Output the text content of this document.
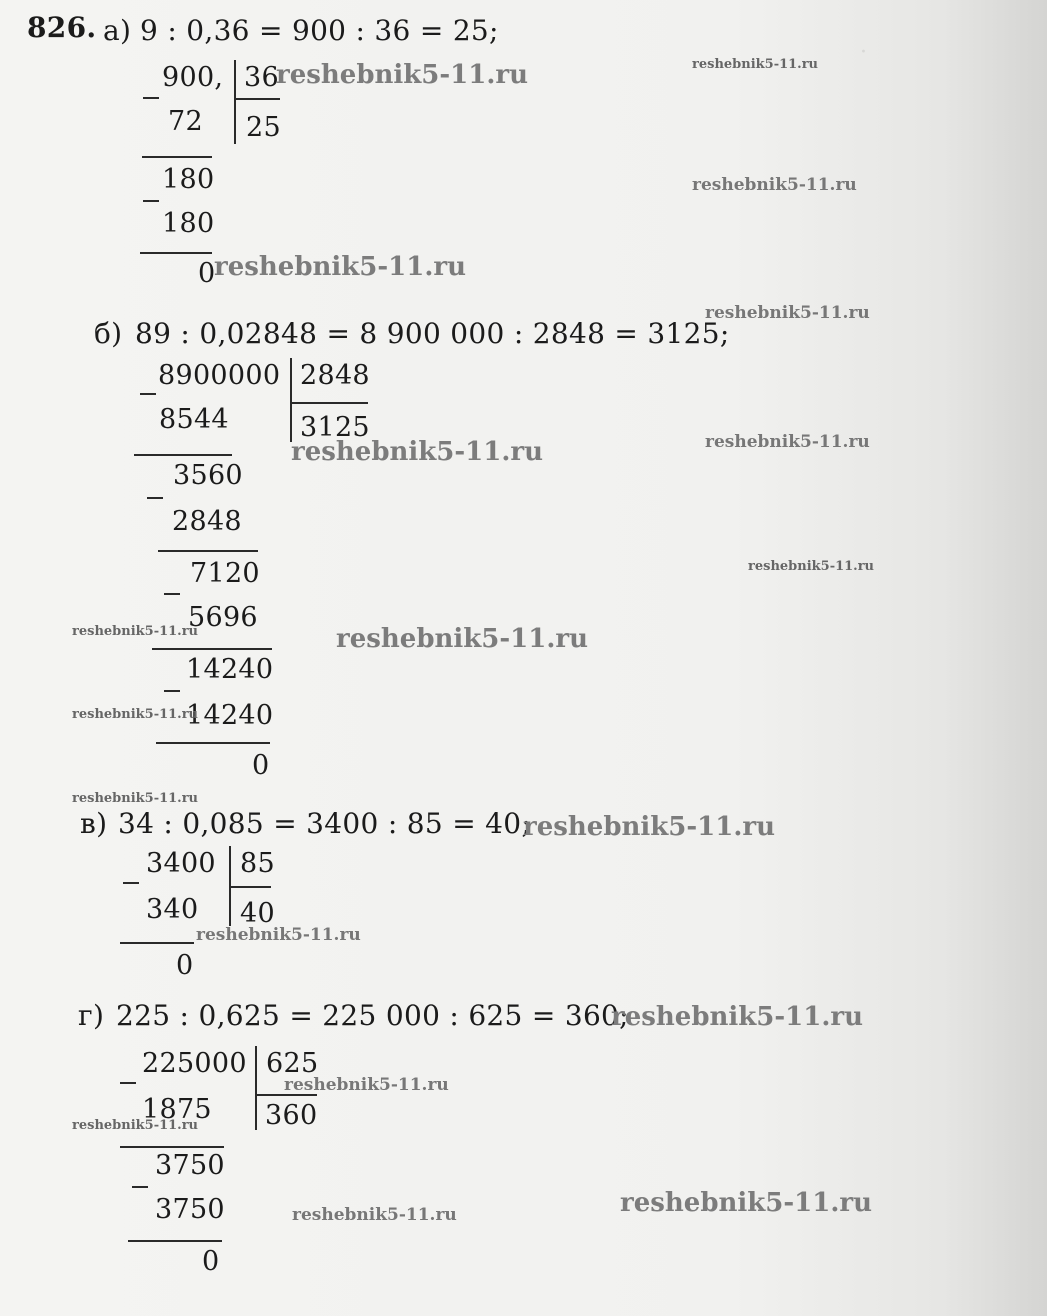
·
826. а) 9 : 0,36 = 900 : 36 = 25;
900, 36
25
72
180
180
0
б) 89 : 0,02848 = 8 900 000 : 2848 = 3125;
8900000 2848
3125
8544
3560
2848
7120
5696
14240
14240
0
в) 34 : 0,085 = 3400 : 85 = 40;
3400 85
40
340
0
г) 225 : 0,625 = 225 000 : 625 = 360;
225000 625
360
1875
3750
3750
0
reshebnik5-11.ru	reshebnik5-11.ru
reshebnik5-11.ru
reshebnik5-11.ru
reshebnik5-11.ru
reshebnik5-11.ru
reshebnik5-11.ru
reshebnik5-11.ru
reshebnik5-11.ru	reshebnik5-11.ru
reshebnik5-11.ru
reshebnik5-11.ru
reshebnik5-11.ru
reshebnik5-11.ru
reshebnik5-11.ru
reshebnik5-11.ru
reshebnik5-11.ru
reshebnik5-11.ru
reshebnik5-11.ru
